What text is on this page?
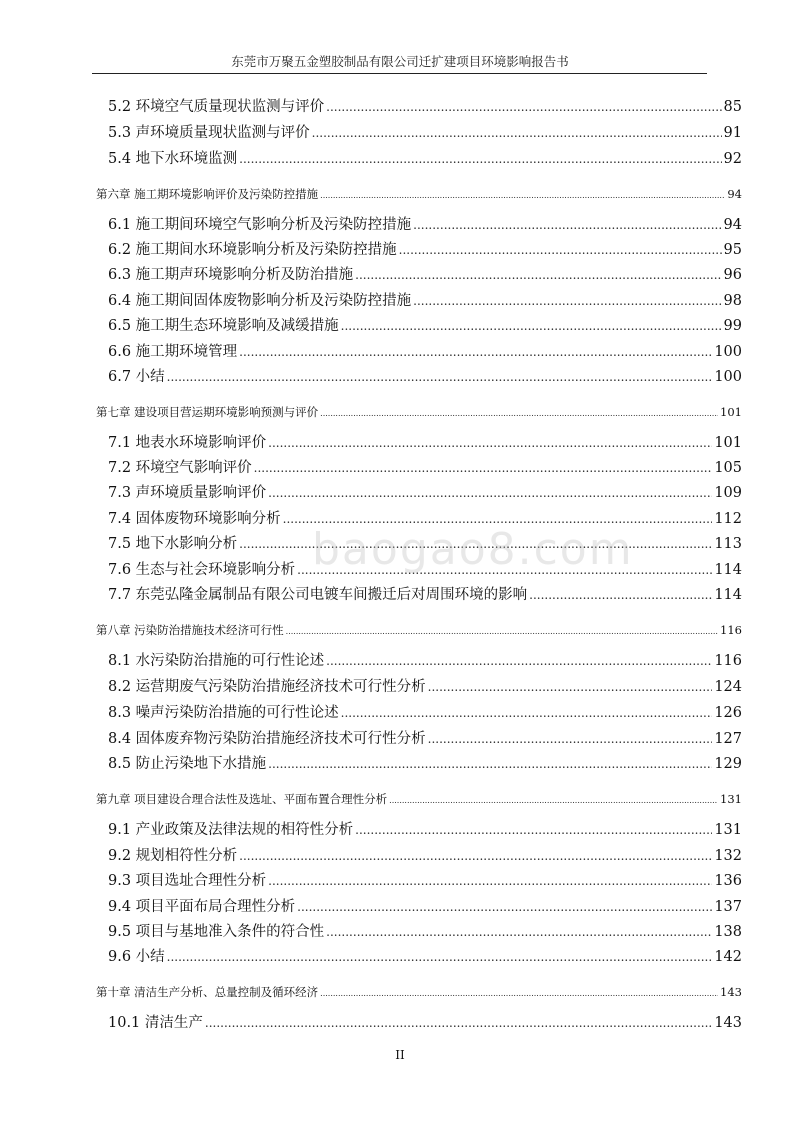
东莞市万聚五金塑胶制品有限公司迁扩建项目环境影响报告书
5.2 环境空气质量现状监测与评价 .....	85
5.3 声环境质量现状监测与评价 .....	91
5.4 地下水环境监测 .....	92
第六章 施工期环境影响评价及污染防控措施 .....	94
6.1 施工期间环境空气影响分析及污染防控措施 .....	94
6.2 施工期间水环境影响分析及污染防控措施 .....	95
6.3 施工期声环境影响分析及防治措施 .....	96
6.4 施工期间固体废物影响分析及污染防控措施 .....	98
6.5 施工期生态环境影响及减缓措施 .....	99
6.6 施工期环境管理 .....	100
6.7 小结 .....	100
第七章 建设项目营运期环境影响预测与评价 .....	101
7.1 地表水环境影响评价 .....	101
7.2 环境空气影响评价 .....	105
7.3 声环境质量影响评价 .....	109
7.4 固体废物环境影响分析 .....	112
7.5 地下水影响分析 .....	113
7.6 生态与社会环境影响分析 .....	114
7.7 东莞弘隆金属制品有限公司电镀车间搬迁后对周围环境的影响 .....	114
第八章 污染防治措施技术经济可行性 .....	116
8.1 水污染防治措施的可行性论述 .....	116
8.2 运营期废气污染防治措施经济技术可行性分析 .....	124
8.3 噪声污染防治措施的可行性论述 .....	126
8.4 固体废弃物污染防治措施经济技术可行性分析 .....	127
8.5 防止污染地下水措施 .....	129
第九章 项目建设合理合法性及选址、平面布置合理性分析 .....	131
9.1 产业政策及法律法规的相符性分析 .....	131
9.2 规划相符性分析 .....	132
9.3 项目选址合理性分析 .....	136
9.4 项目平面布局合理性分析 .....	137
9.5 项目与基地准入条件的符合性 .....	138
9.6 小结 .....	142
第十章 清洁生产分析、总量控制及循环经济 .....	143
10.1 清洁生产 .....	143
baogao8.com
II
